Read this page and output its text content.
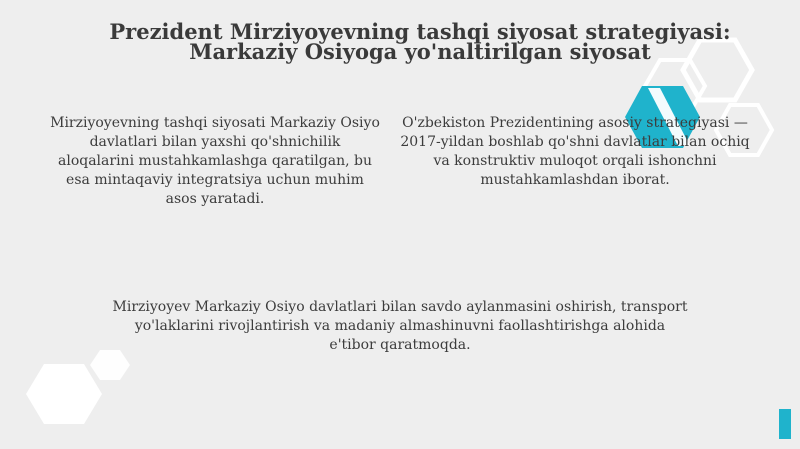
Prezident Mirziyoyevning tashqi siyosat strategiyasi: Markaziy Osiyoga yo'naltirilgan siyosat

Mirziyoyevning tashqi siyosati Markaziy Osiyo davlatlari bilan yaxshi qo'shnichilik aloqalarini mustahkamlashga qaratilgan, bu esa mintaqaviy integratsiya uchun muhim asos yaratadi.

O'zbekiston Prezidentining asosiy strategiyasi — 2017-yildan boshlab qo'shni davlatlar bilan ochiq va konstruktiv muloqot orqali ishonchni mustahkamlashdan iborat.

Mirziyoyev Markaziy Osiyo davlatlari bilan savdo aylanmasini oshirish, transport yo'laklarini rivojlantirish va madaniy almashinuvni faollashtirishga alohida e'tibor qaratmoqda.
